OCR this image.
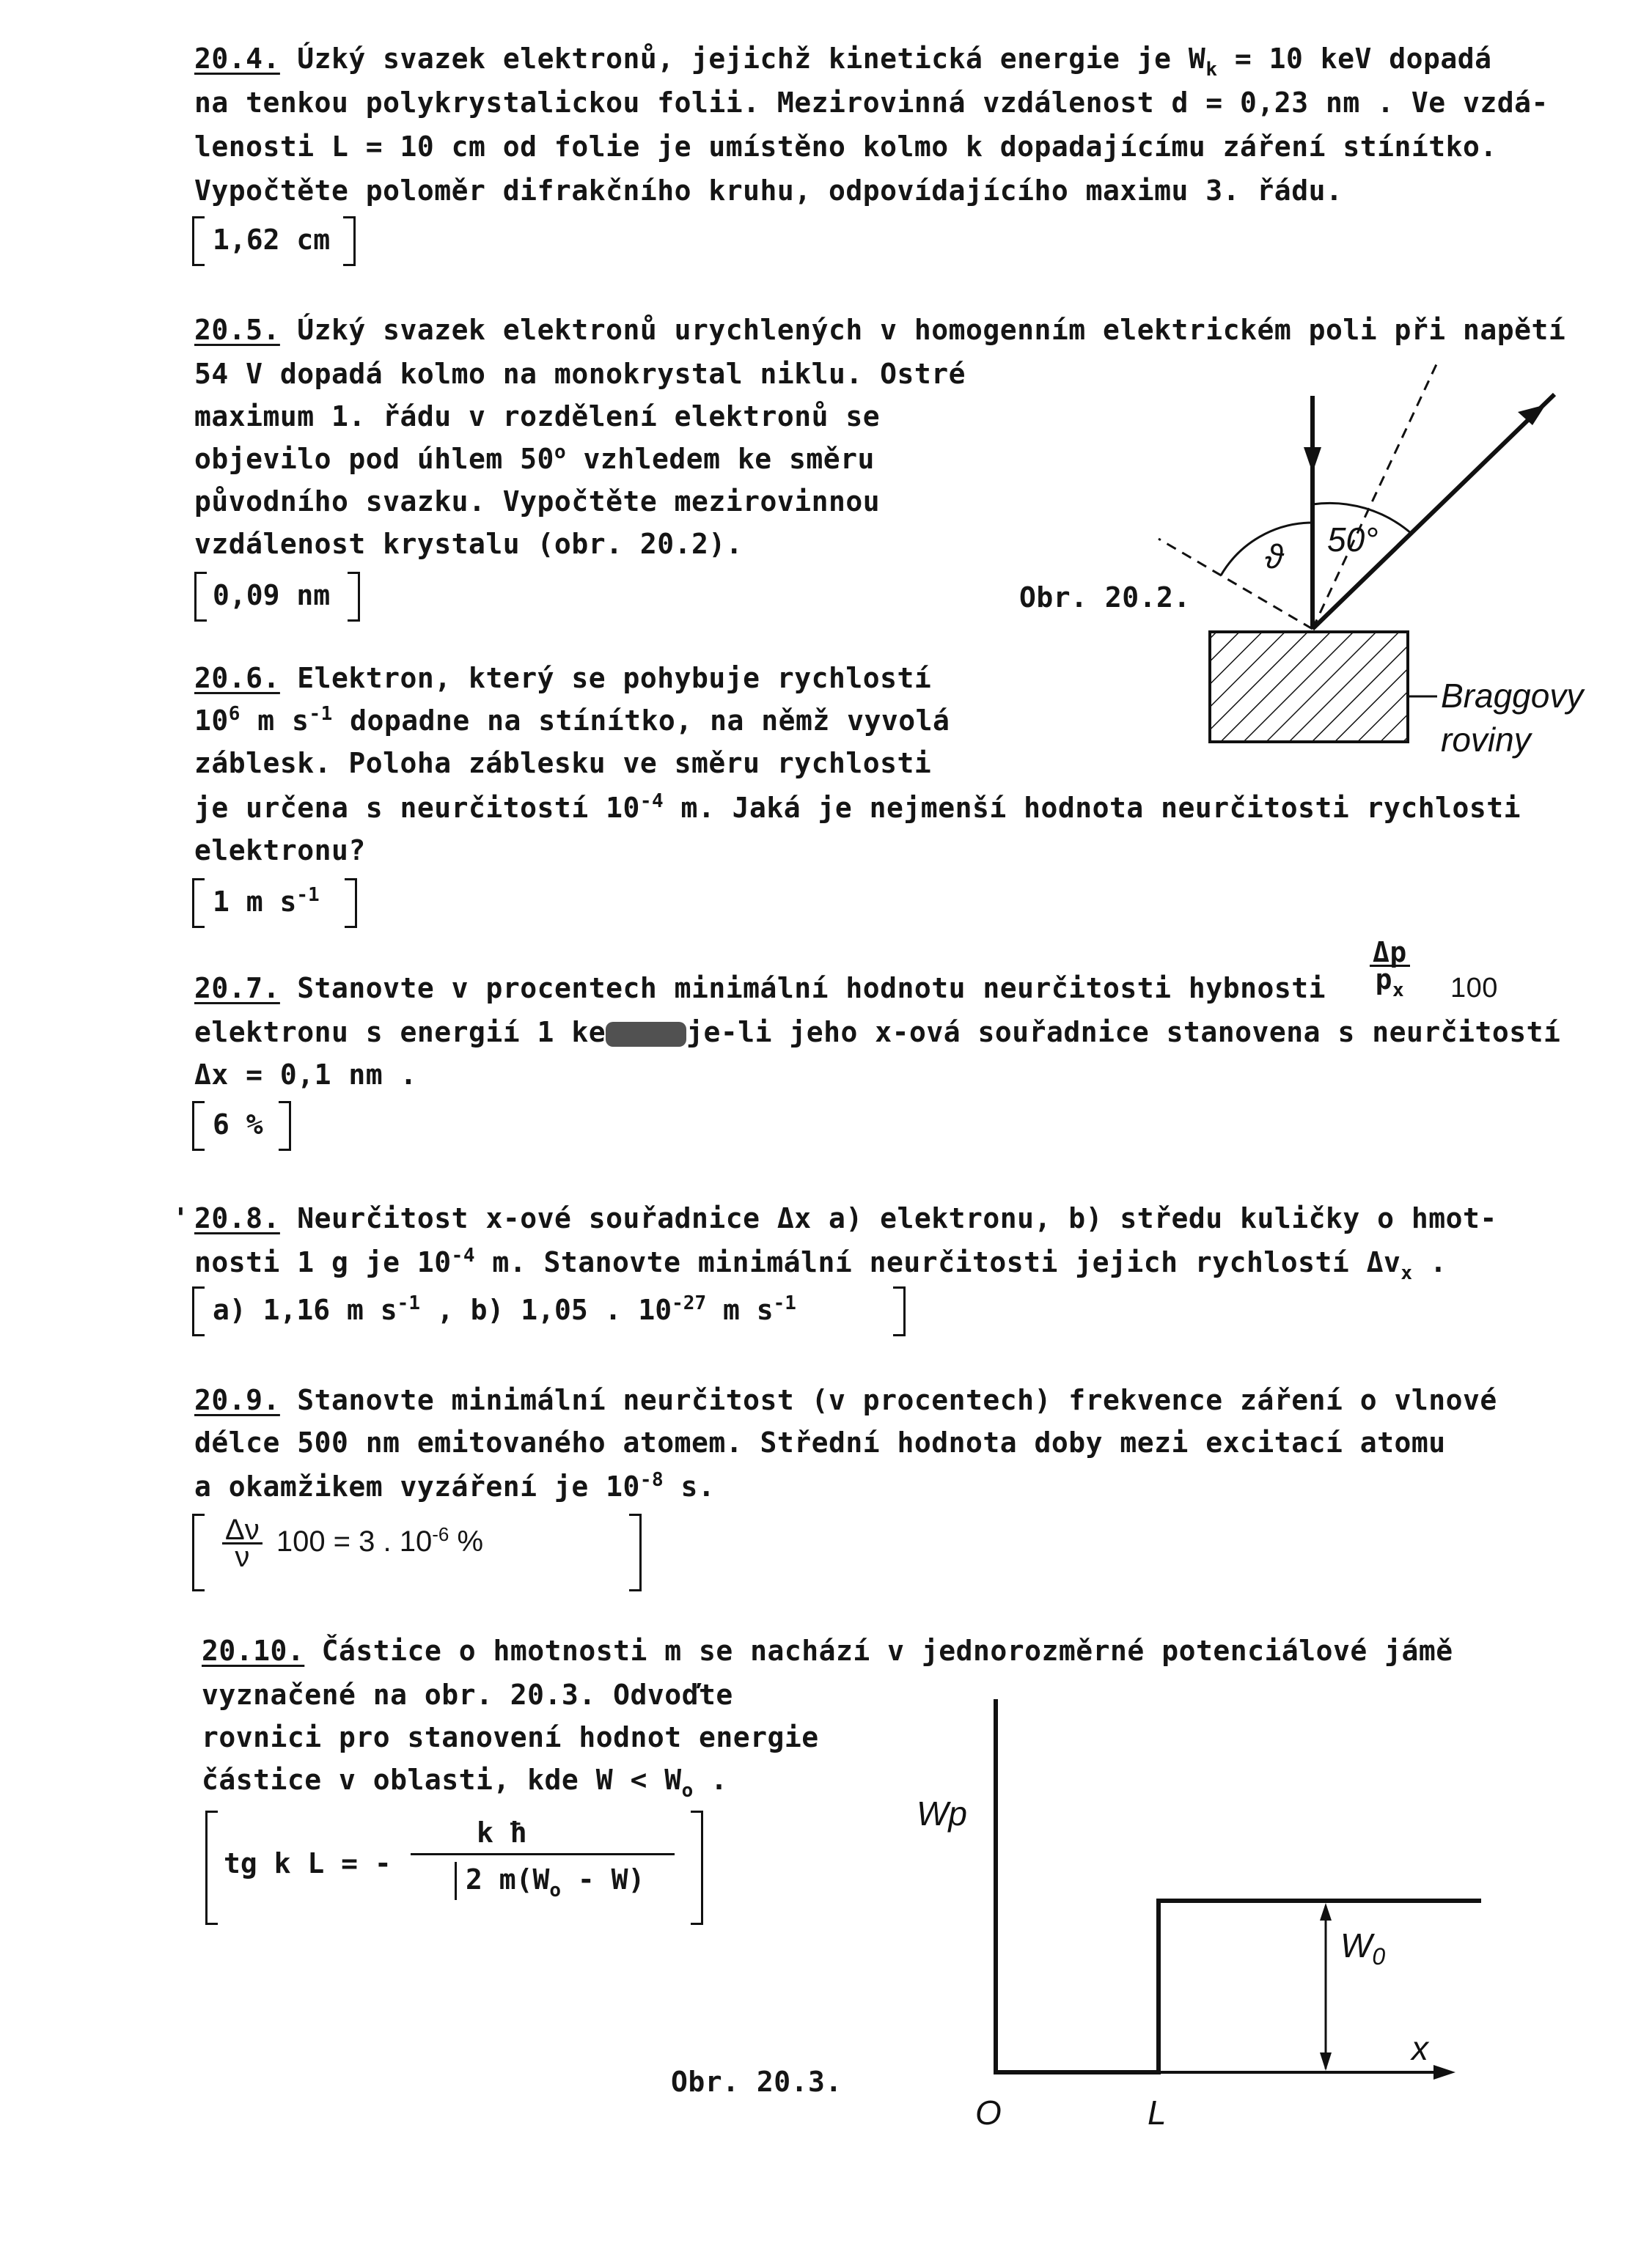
20.4. Úzký svazek elektronů, jejichž kinetická energie je $W_k = 10$ keV dopadá
na tenkou polykrystalickou folii. Mezirovinná vzdálenost d = 0,23 nm . Ve vzdá-
lenosti L = 10 cm od folie je umístěno kolmo k dopadajícímu záření stínítko.
Vypočtěte poloměr difrakčního kruhu, odpovídajícího maximu 3. řádu.
1,62 cm
20.5. Úzký svazek elektronů urychlených v homogenním elektrickém poli při napětí
54 V dopadá kolmo na monokrystal niklu. Ostré
maximum 1. řádu v rozdělení elektronů se
objevilo pod úhlem 50$^o$ vzhledem ke směru
původního svazku. Vypočtěte mezirovinnou
vzdálenost krystalu (obr. 20.2).
0,09 nm	Obr. 20.2.
20.6. Elektron, který se pohybuje rychlostí
$10^6$ m $s^{-1}$ dopadne na stínítko, na němž vyvolá
záblesk. Poloha záblesku ve směru rychlosti
je určena s neurčitostí $10^{-4}$ m. Jaká je nejmenší hodnota neurčitosti rychlosti
elektronu?
1 m $s^{-1}$
20.7. Stanovte v procentech minimální hodnotu neurčitosti hybnosti $\frac{\Delta p}{p_x} 100$
elektronu s energií 1 ke	je-li jeho x-ová souřadnice stanovena s neurčitostí
Δx = 0,1 nm .
6 %
' 20.8. Neurčitost x-ové souřadnice Δx a) elektronu, b) středu kuličky o hmot-
nosti 1 g je $10^{-4}$ m. Stanovte minimální neurčitosti jejich rychlostí $\Delta v_x$ .
a) 1,16 m $s^{-1}$ , b) 1,05 . $10^{-27}$ m $s^{-1}$
20.9. Stanovte minimální neurčitost (v procentech) frekvence záření o vlnové
délce 500 nm emitovaného atomem. Střední hodnota doby mezi excitací atomu
a okamžikem vyzáření je $10^{-8}$ s.
$\frac{\Delta\nu}{\nu} 100 = 3$ . $10^{-6}$ %
20.10. Částice o hmotnosti m se nachází v jednorozměrné potenciálové jámě
vyznačené na obr. 20.3. Odvoďte
rovnici pro stanovení hodnot energie
částice v oblasti, kde $W < W_o$ .
tg k L = -
k ħ
2 $m(W_o - W)$
Obr. 20.3.
ϑ 50°
Braggovy
roviny
Wp
$W_0$
x
O	L
